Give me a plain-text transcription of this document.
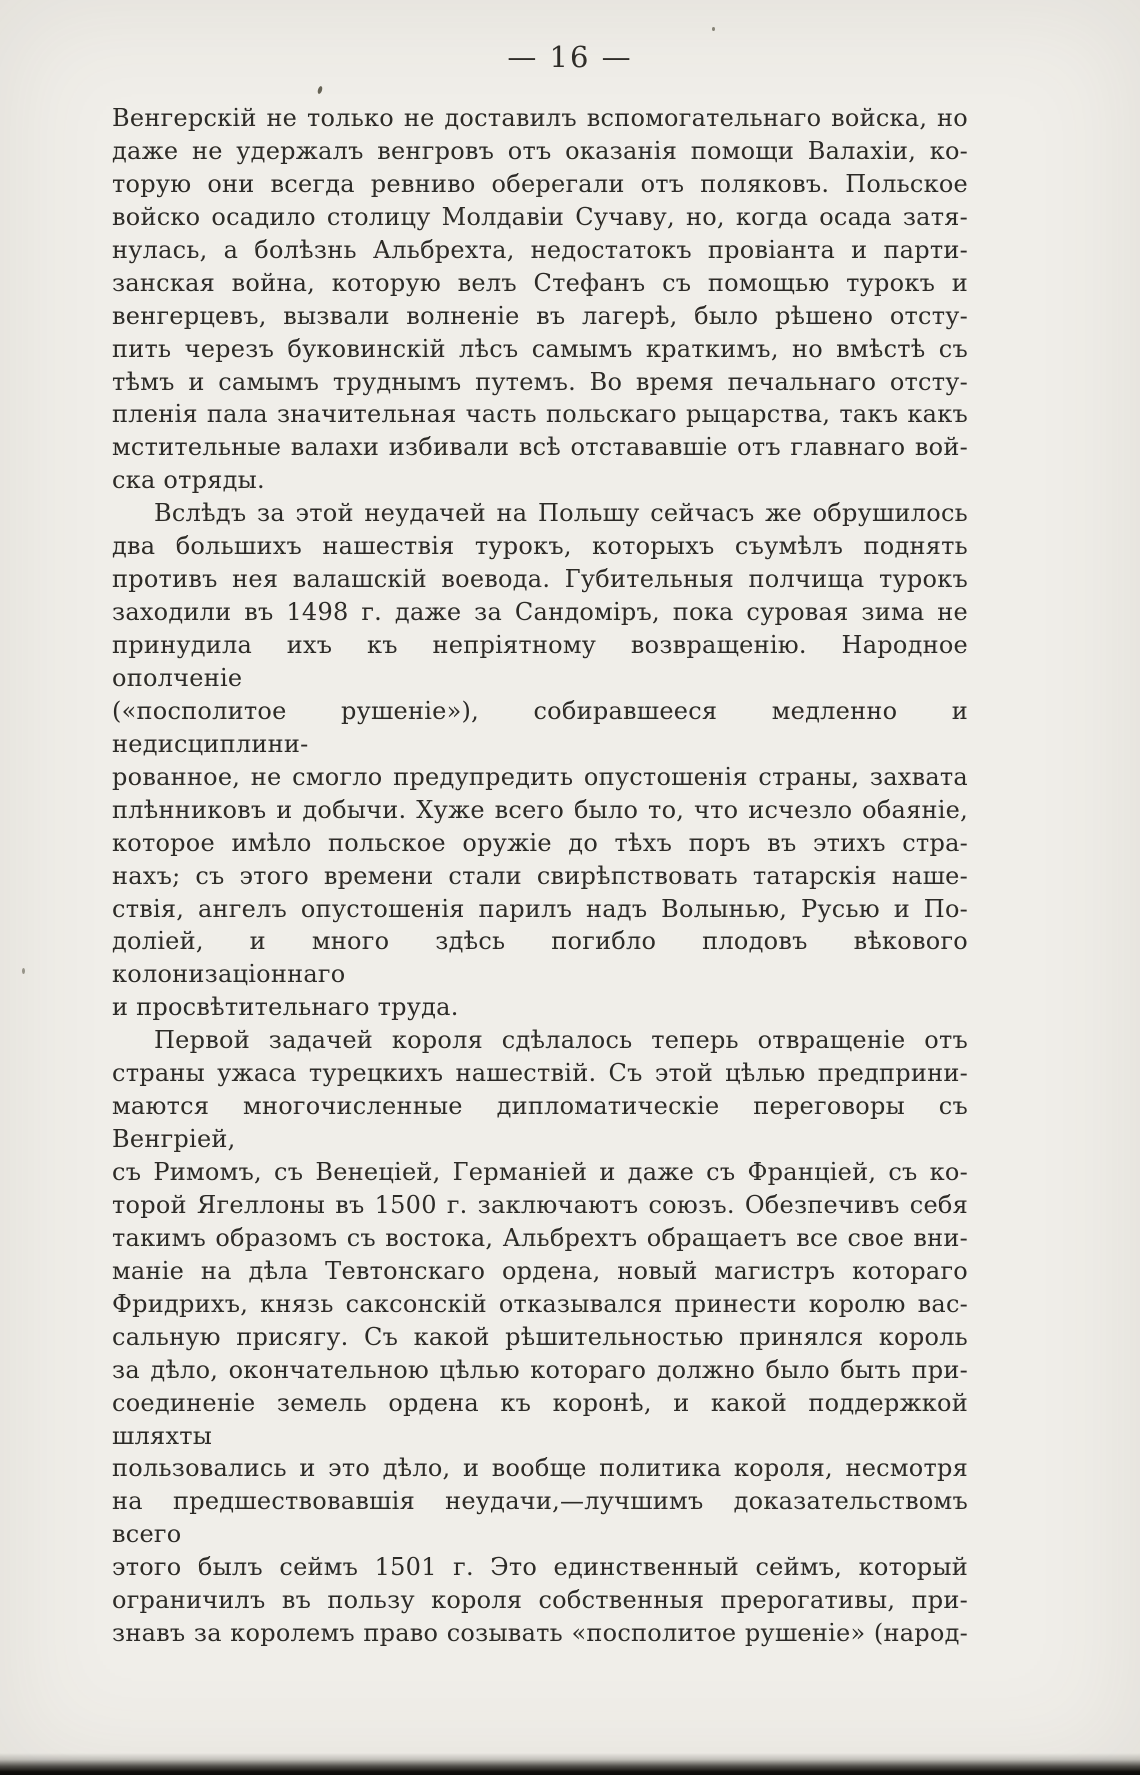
— 16 —
Венгерскій не только не доставилъ вспомогательнаго войска, но
даже не удержалъ венгровъ отъ оказанія помощи Валахіи, ко-
торую они всегда ревниво оберегали отъ поляковъ. Польское
войско осадило столицу Молдавіи Сучаву, но, когда осада затя-
нулась, а болѣзнь Альбрехта, недостатокъ провіанта и парти-
занская война, которую велъ Стефанъ съ помощью турокъ и
венгерцевъ, вызвали волненіе въ лагерѣ, было рѣшено отсту-
пить черезъ буковинскій лѣсъ самымъ краткимъ, но вмѣстѣ съ
тѣмъ и самымъ труднымъ путемъ. Во время печальнаго отсту-
пленія пала значительная часть польскаго рыцарства, такъ какъ
мстительные валахи избивали всѣ отстававшіе отъ главнаго вой-
ска отряды.
Вслѣдъ за этой неудачей на Польшу сейчасъ же обрушилось
два большихъ нашествія турокъ, которыхъ съумѣлъ поднять
противъ нея валашскій воевода. Губительныя полчища турокъ
заходили въ 1498 г. даже за Сандоміръ, пока суровая зима не
принудила ихъ къ непріятному возвращенію. Народное ополченіе
(«посполитое рушеніе»), собиравшееся медленно и недисциплини-
рованное, не смогло предупредить опустошенія страны, захвата
плѣнниковъ и добычи. Хуже всего было то, что исчезло обаяніе,
которое имѣло польское оружіе до тѣхъ поръ въ этихъ стра-
нахъ; съ этого времени стали свирѣпствовать татарскія наше-
ствія, ангелъ опустошенія парилъ надъ Волынью, Русью и По-
доліей, и много здѣсь погибло плодовъ вѣкового колонизаціоннаго
и просвѣтительнаго труда.
Первой задачей короля сдѣлалось теперь отвращеніе отъ
страны ужаса турецкихъ нашествій. Съ этой цѣлью предприни-
маются многочисленные дипломатическіе переговоры съ Венгріей,
съ Римомъ, съ Венеціей, Германіей и даже съ Франціей, съ ко-
торой Ягеллоны въ 1500 г. заключаютъ союзъ. Обезпечивъ себя
такимъ образомъ съ востока, Альбрехтъ обращаетъ все свое вни-
маніе на дѣла Тевтонскаго ордена, новый магистръ котораго
Фридрихъ, князь саксонскій отказывался принести королю вас-
сальную присягу. Съ какой рѣшительностью принялся король
за дѣло, окончательною цѣлью котораго должно было быть при-
соединеніе земель ордена къ коронѣ, и какой поддержкой шляхты
пользовались и это дѣло, и вообще политика короля, несмотря
на предшествовавшія неудачи,—лучшимъ доказательствомъ всего
этого былъ сеймъ 1501 г. Это единственный сеймъ, который
ограничилъ въ пользу короля собственныя прерогативы, при-
знавъ за королемъ право созывать «посполитое рушеніе» (народ-
